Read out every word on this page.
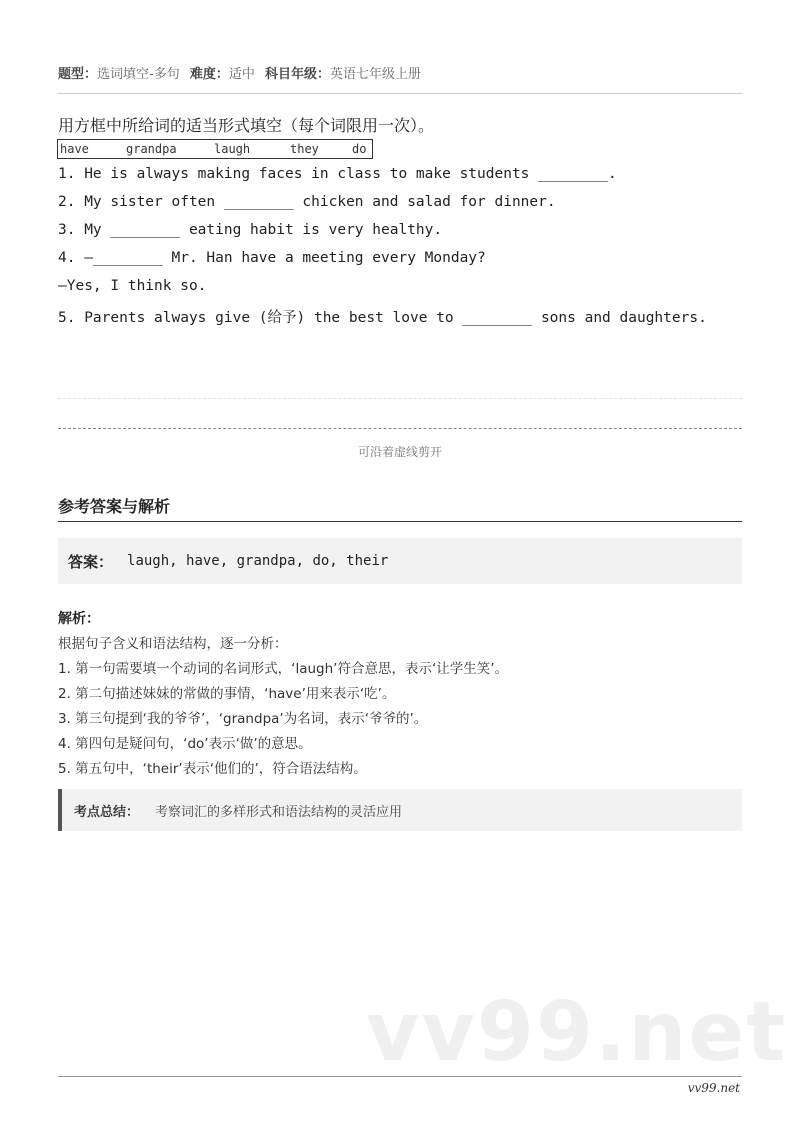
题型：选词填空-多句 难度：适中 科目年级：英语七年级上册
用方框中所给词的适当形式填空（每个词限用一次）。
have	grandpa	laugh	they	do
1. He is always making faces in class to make students ________.
2. My sister often ________ chicken and salad for dinner.
3. My ________ eating habit is very healthy.
4. —________ Mr. Han have a meeting every Monday?
—Yes, I think so.
5. Parents always give (给予) the best love to ________ sons and daughters.
可沿着虚线剪开
参考答案与解析
答案： laugh, have, grandpa, do, their
解析：
根据句子含义和语法结构，逐一分析：
1. 第一句需要填一个动词的名词形式，‘laugh’符合意思，表示‘让学生笑’。
2. 第二句描述妹妹的常做的事情，‘have’用来表示‘吃’。
3. 第三句提到‘我的爷爷’，‘grandpa’为名词，表示‘爷爷的’。
4. 第四句是疑问句，‘do’表示‘做’的意思。
5. 第五句中，‘their’表示‘他们的’，符合语法结构。
考点总结： 考察词汇的多样形式和语法结构的灵活应用
vv99.net
vv99.net
